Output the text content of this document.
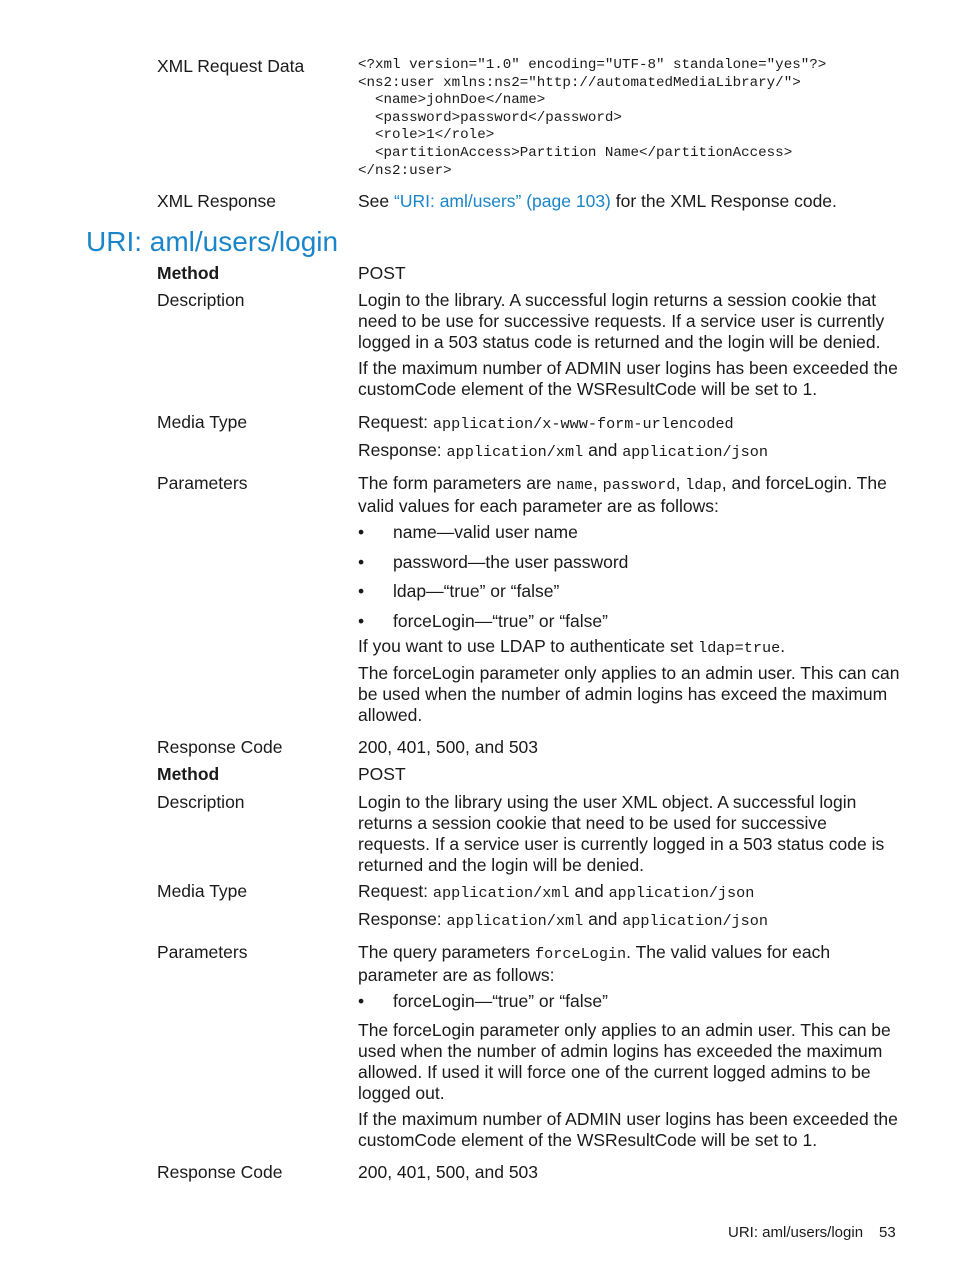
XML Request Data	<?xml version="1.0" encoding="UTF-8" standalone="yes"?>
<ns2:user xmlns:ns2="http://automatedMediaLibrary/">
<name>johnDoe</name>
<password>password</password>
<role>1</role>
<partitionAccess>Partition Name</partitionAccess>
</ns2:user>
XML Response	See “URI: aml/users” (page 103) for the XML Response code.
URI: aml/users/login
Method	POST
Description	Login to the library. A successful login returns a session cookie that need to be use for successive requests. If a service user is currently logged in a 503 status code is returned and the login will be denied.
If the maximum number of ADMIN user logins has been exceeded the customCode element of the WSResultCode will be set to 1.
Media Type	Request: application/x-www-form-urlencoded
Response: application/xml and application/json
Parameters	The form parameters are name, password, ldap, and forceLogin. The valid values for each parameter are as follows:
• name—valid user name
• password—the user password
• ldap—“true” or “false”
• forceLogin—“true” or “false”
If you want to use LDAP to authenticate set ldap=true.
The forceLogin parameter only applies to an admin user. This can can be used when the number of admin logins has exceed the maximum allowed.
Response Code	200, 401, 500, and 503
Method	POST
Description	Login to the library using the user XML object. A successful login returns a session cookie that need to be used for successive requests. If a service user is currently logged in a 503 status code is returned and the login will be denied.
Media Type	Request: application/xml and application/json
Response: application/xml and application/json
Parameters	The query parameters forceLogin. The valid values for each parameter are as follows:
• forceLogin—“true” or “false”
The forceLogin parameter only applies to an admin user. This can be used when the number of admin logins has exceeded the maximum allowed. If used it will force one of the current logged admins to be logged out.
If the maximum number of ADMIN user logins has been exceeded the customCode element of the WSResultCode will be set to 1.
Response Code	200, 401, 500, and 503
URI: aml/users/login 53
